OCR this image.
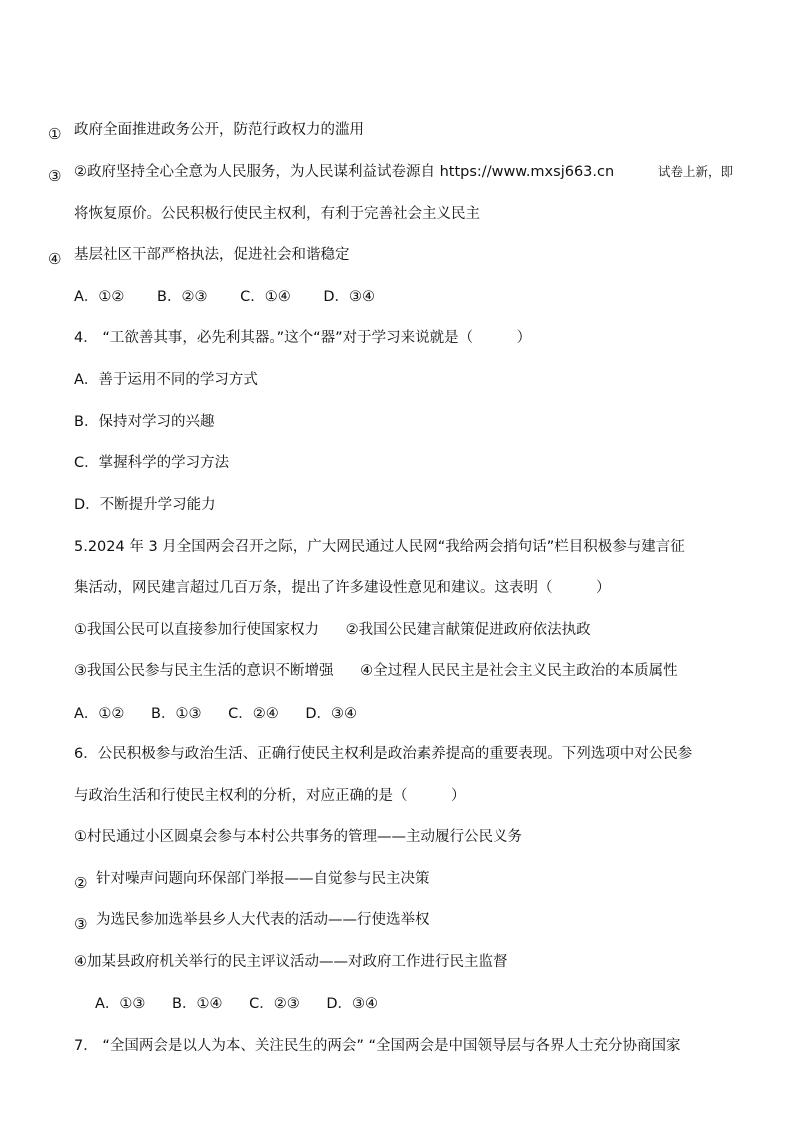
① 政府全面推进政务公开，防范行政权力的滥用
③ ②政府坚持全心全意为人民服务，为人民谋利益试卷源自 https://www.mxsj663.cn	试卷上新，即
将恢复原价。公民积极行使民主权利，有利于完善社会主义民主
④ 基层社区干部严格执法，促进社会和谐稳定
A．①② B．②③ C．①④ D．③④
4． “工欲善其事，必先利其器。”这个“器”对于学习来说就是（　　　）
A．善于运用不同的学习方式
B．保持对学习的兴趣
C．掌握科学的学习方法
D．不断提升学习能力
5.2024 年 3 月全国两会召开之际，广大网民通过人民网“我给两会捎句话”栏目积极参与建言征
集活动，网民建言超过几百万条，提出了许多建设性意见和建议。这表明（　　　）
①我国公民可以直接参加行使国家权力 ②我国公民建言献策促进政府依法执政
③我国公民参与民主生活的意识不断增强 ④全过程人民民主是社会主义民主政治的本质属性
A．①② B．①③ C．②④ D．③④
6．公民积极参与政治生活、正确行使民主权利是政治素养提高的重要表现。下列选项中对公民参
与政治生活和行使民主权利的分析，对应正确的是（　　　）
①村民通过小区圆桌会参与本村公共事务的管理——主动履行公民义务
② 针对噪声问题向环保部门举报——自觉参与民主决策
③ 为选民参加选举县乡人大代表的活动——行使选举权
④加某县政府机关举行的民主评议活动——对政府工作进行民主监督
A．①③ B．①④ C．②③ D．③④
7． “全国两会是以人为本、关注民生的两会” “全国两会是中国领导层与各界人士充分协商国家
